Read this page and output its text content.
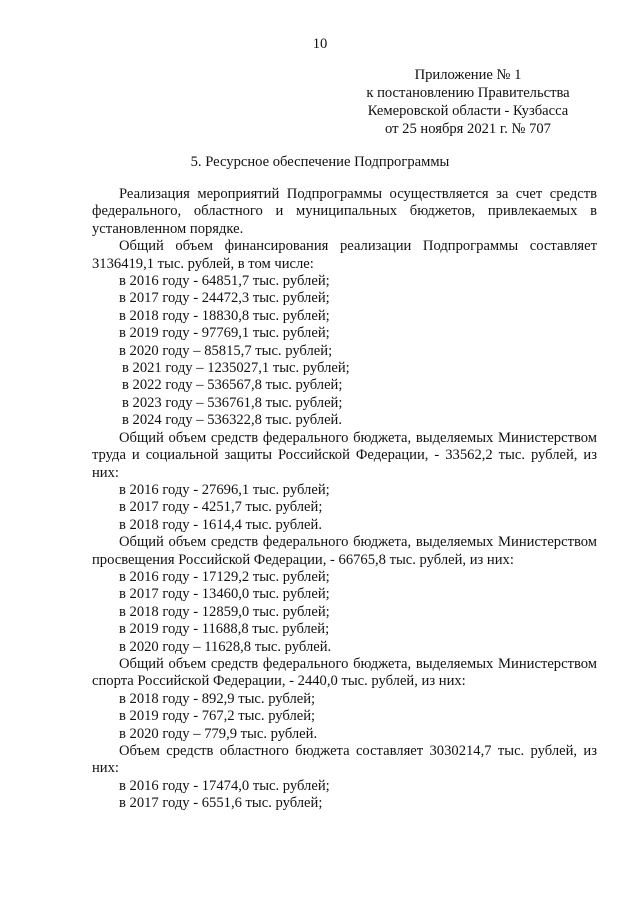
10
Приложение № 1
к постановлению Правительства
Кемеровской области - Кузбасса
от 25 ноября 2021 г. № 707
5. Ресурсное обеспечение Подпрограммы

Реализация мероприятий Подпрограммы осуществляется за счет средств федерального, областного и муниципальных бюджетов, привлекаемых в установленном порядке.

Общий объем финансирования реализации Подпрограммы составляет 3136419,1 тыс. рублей, в том числе:

в 2016 году - 64851,7 тыс. рублей;

в 2017 году - 24472,3 тыс. рублей;

в 2018 году - 18830,8 тыс. рублей;

в 2019 году - 97769,1 тыс. рублей;

в 2020 году – 85815,7 тыс. рублей;

в 2021 году – 1235027,1 тыс. рублей;

в 2022 году – 536567,8 тыс. рублей;

в 2023 году – 536761,8 тыс. рублей;

в 2024 году – 536322,8 тыс. рублей.

Общий объем средств федерального бюджета, выделяемых Министерством труда и социальной защиты Российской Федерации, - 33562,2 тыс. рублей, из них:

в 2016 году - 27696,1 тыс. рублей;

в 2017 году - 4251,7 тыс. рублей;

в 2018 году - 1614,4 тыс. рублей.

Общий объем средств федерального бюджета, выделяемых Министерством просвещения Российской Федерации, - 66765,8 тыс. рублей, из них:

в 2016 году - 17129,2 тыс. рублей;

в 2017 году - 13460,0 тыс. рублей;

в 2018 году - 12859,0 тыс. рублей;

в 2019 году - 11688,8 тыс. рублей;

в 2020 году – 11628,8 тыс. рублей.

Общий объем средств федерального бюджета, выделяемых Министерством спорта Российской Федерации, - 2440,0 тыс. рублей, из них:

в 2018 году - 892,9 тыс. рублей;

в 2019 году - 767,2 тыс. рублей;

в 2020 году – 779,9 тыс. рублей.

Объем средств областного бюджета составляет 3030214,7 тыс. рублей, из них:

в 2016 году - 17474,0 тыс. рублей;

в 2017 году - 6551,6 тыс. рублей;
